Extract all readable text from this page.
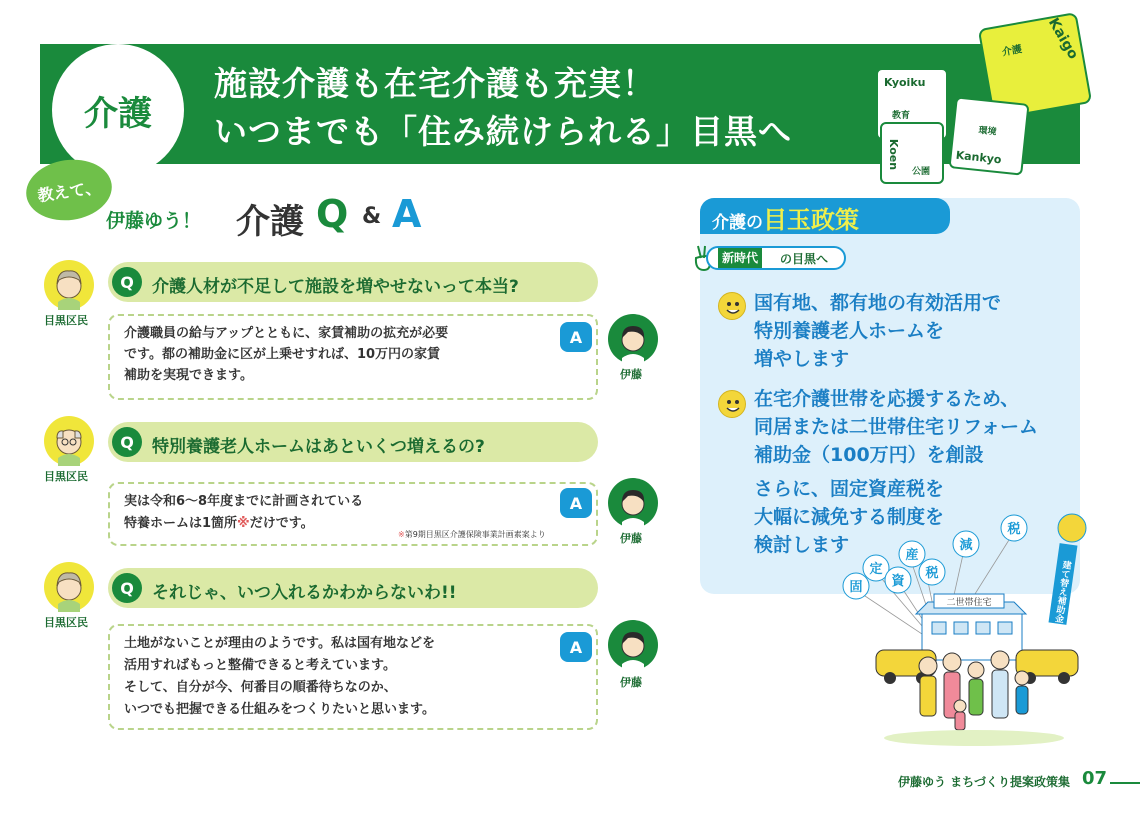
介護
施設介護も在宅介護も充実！
いつまでも「住み続けられる」目黒へ
介護 Kaigo
Kyoiku
教育
環境
Kankyo
Koen
公園
教えて、
伊藤ゆう！ 介護 Q & A
目黒区民
Q	介護人材が不足して施設を増やせないって本当?
介護職員の給与アップとともに、家賃補助の拡充が必要
です。都の補助金に区が上乗せすれば、10万円の家賃
補助を実現できます。
A
伊藤
目黒区民
Q	特別養護老人ホームはあといくつ増えるの?
実は令和6～8年度までに計画されている
特養ホームは1箇所※だけです。
※第9期目黒区介護保険事業計画素案より
A
伊藤
目黒区民
Q	それじゃ、いつ入れるかわからないわ!!
土地がないことが理由のようです。私は国有地などを
活用すればもっと整備できると考えています。
そして、自分が今、何番目の順番待ちなのか、
いつでも把握できる仕組みをつくりたいと思います。
A
伊藤
介護の目玉政策
新時代	の目黒へ
国有地、都有地の有効活用で
特別養護老人ホームを
増やします
在宅介護世帯を応援するため、
同居または二世帯住宅リフォーム
補助金（100万円）を創設
さらに、固定資産税を
大幅に減免する制度を
検討します
固
定
資
産
税
減
税
建て替え補助金
二世帯住宅
伊藤ゆう まちづくり提案政策集 07
